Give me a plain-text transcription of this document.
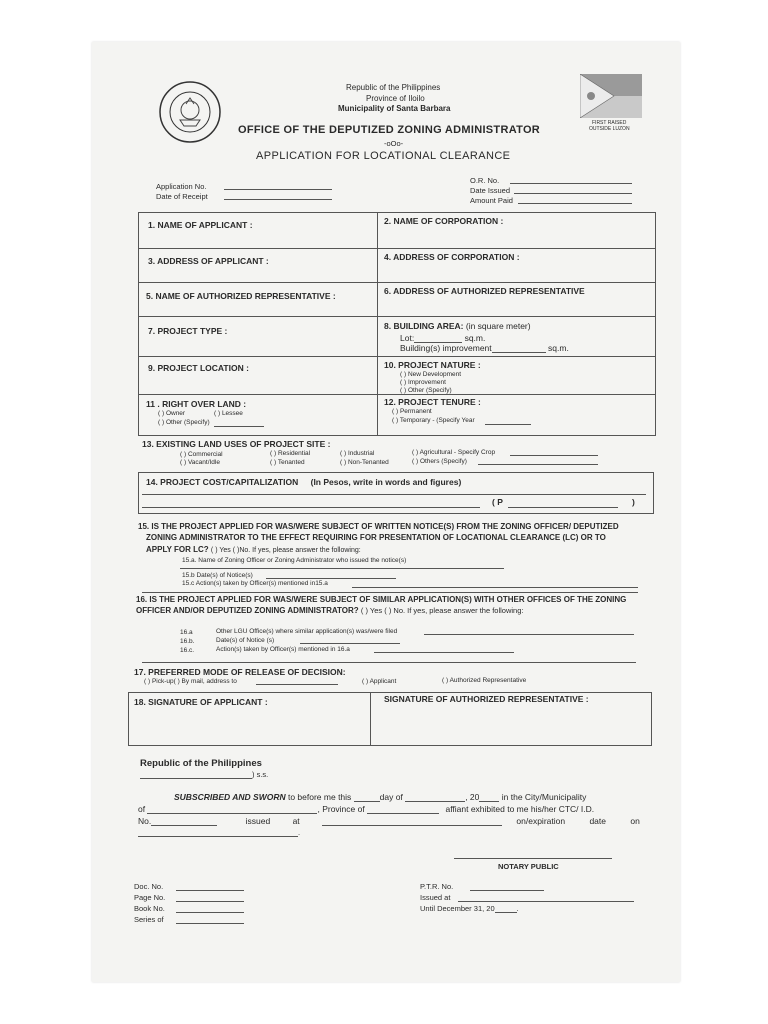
FIRST RAISED
OUTSIDE LUZON
Republic of the Philippines
Province of Iloilo
Municipality of Santa Barbara
OFFICE OF THE DEPUTIZED ZONING ADMINISTRATOR
-oOo-
APPLICATION FOR LOCATIONAL CLEARANCE
Application No.
Date of Receipt
O.R. No.
Date Issued
Amount Paid
1. NAME OF APPLICANT :	2. NAME OF CORPORATION :
3. ADDRESS OF APPLICANT :	4. ADDRESS OF CORPORATION :
5. NAME OF AUTHORIZED REPRESENTATIVE :	6. ADDRESS OF AUTHORIZED REPRESENTATIVE
7. PROJECT TYPE :	8. BUILDING AREA: (in square meter)
Lot:	sq.m.
Building(s) improvement	sq.m.
9. PROJECT LOCATION :	10. PROJECT NATURE :
( ) New Development
( ) Improvement
( ) Other (Specify)
11 . RIGHT OVER LAND :
( ) Owner	( ) Lessee
( ) Other (Specify)
12. PROJECT TENURE :
( ) Permanent
( ) Temporary - (Specify Year
13. EXISTING LAND USES OF PROJECT SITE :
( ) Commercial
( ) Vacant/Idle
( ) Residential
( ) Tenanted
( ) Industrial
( ) Non-Tenanted
( ) Agricultural - Specify Crop
( ) Others (Specify)
14. PROJECT COST/CAPITALIZATION (In Pesos, write in words and figures)
( P	)
15. IS THE PROJECT APPLIED FOR WAS/WERE SUBJECT OF WRITTEN NOTICE(S) FROM THE ZONING OFFICER/ DEPUTIZED
ZONING ADMINISTRATOR TO THE EFFECT REQUIRING FOR PRESENTATION OF LOCATIONAL CLEARANCE (LC) OR TO
APPLY FOR LC? ( ) Yes ( )No. If yes, please answer the following:
15.a. Name of Zoning Officer or Zoning Administrator who issued the notice(s)
15.b Date(s) of Notice(s)
15.c Action(s) taken by Officer(s) mentioned in15.a
16. IS THE PROJECT APPLIED FOR WAS/WERE SUBJECT OF SIMILAR APPLICATION(S) WITH OTHER OFFICES OF THE ZONING
OFFICER AND/OR DEPUTIZED ZONING ADMINISTRATOR? ( ) Yes ( ) No. If yes, please answer the following:
16.a	Other LGU Office(s) where similar application(s) was/were filed
16.b.	Date(s) of Notice (s)
16.c.	Action(s) taken by Officer(s) mentioned in 16.a
17. PREFERRED MODE OF RELEASE OF DECISION:
( ) Pick-up( ) By mail, address to	( ) Applicant	( ) Authorized Representative
18. SIGNATURE OF APPLICANT :	SIGNATURE OF AUTHORIZED REPRESENTATIVE :
Republic of the Philippines
) s.s.
SUBSCRIBED AND SWORN to before me this	day of	, 20	in the City/Municipality
of	, Province of	affiant exhibited to me his/her CTC/ I.D.
No.	issued	at	on/expiration	date	on
.
NOTARY PUBLIC
Doc. No.
Page No.
Book No.
Series of
P.T.R. No.
Issued at
Until December 31, 20	.
